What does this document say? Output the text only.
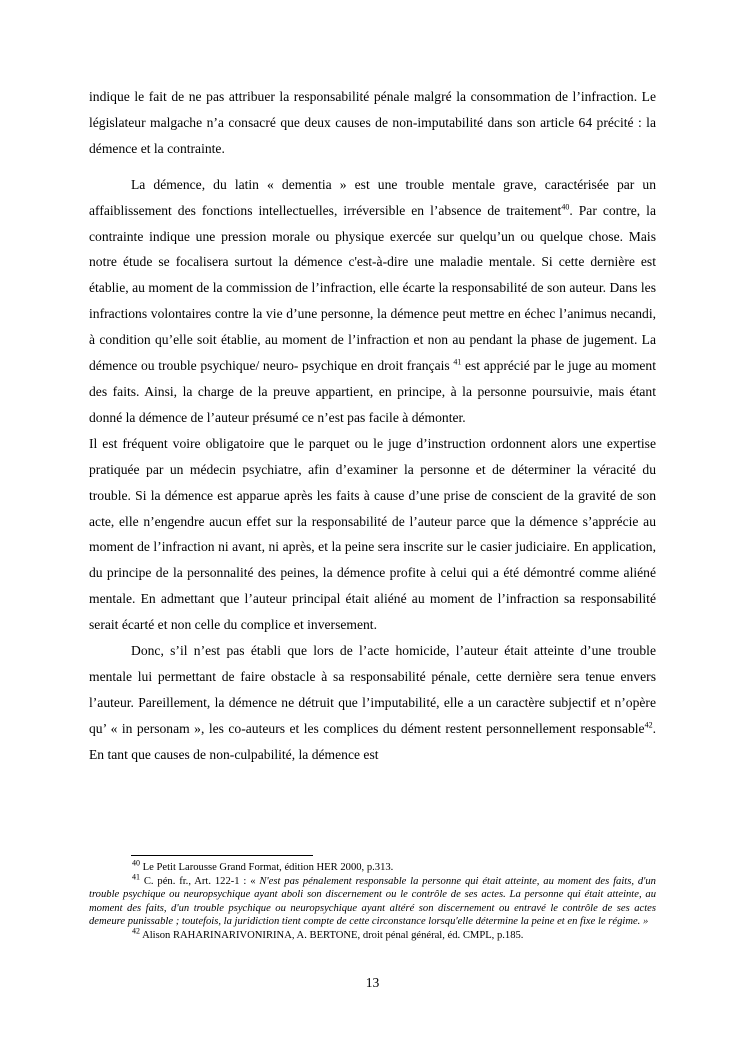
indique le fait de ne pas attribuer la responsabilité pénale malgré la consommation de l’infraction. Le législateur malgache n’a consacré que deux causes de non-imputabilité dans son article 64 précité : la démence et la contrainte.

La démence, du latin « dementia » est une trouble mentale grave, caractérisée par un affaiblissement des fonctions intellectuelles, irréversible en l’absence de traitement$^{40}$. Par contre, la contrainte indique une pression morale ou physique exercée sur quelqu’un ou quelque chose. Mais notre étude se focalisera surtout la démence c'est-à-dire une maladie mentale. Si cette dernière est établie, au moment de la commission de l’infraction, elle écarte la responsabilité de son auteur. Dans les infractions volontaires contre la vie d’une personne, la démence peut mettre en échec l’animus necandi, à condition qu’elle soit établie, au moment de l’infraction et non au pendant la phase de jugement. La démence ou trouble psychique/ neuro- psychique en droit français $^{41}$ est apprécié par le juge au moment des faits. Ainsi, la charge de la preuve appartient, en principe, à la personne poursuivie, mais étant donné la démence de l’auteur présumé ce n’est pas facile à démonter.

Il est fréquent voire obligatoire que le parquet ou le juge d’instruction ordonnent alors une expertise pratiquée par un médecin psychiatre, afin d’examiner la personne et de déterminer la véracité du trouble. Si la démence est apparue après les faits à cause d’une prise de conscient de la gravité de son acte, elle n’engendre aucun effet sur la responsabilité de l’auteur parce que la démence s’apprécie au moment de l’infraction ni avant, ni après, et la peine sera inscrite sur le casier judiciaire. En application, du principe de la personnalité des peines, la démence profite à celui qui a été démontré comme aliéné mentale. En admettant que l’auteur principal était aliéné au moment de l’infraction sa responsabilité serait écarté et non celle du complice et inversement.

Donc, s’il n’est pas établi que lors de l’acte homicide, l’auteur était atteinte d’une trouble mentale lui permettant de faire obstacle à sa responsabilité pénale, cette dernière sera tenue envers l’auteur. Pareillement, la démence ne détruit que l’imputabilité, elle a un caractère subjectif et n’opère qu’ « in personam », les co-auteurs et les complices du dément restent personnellement responsable$^{42}$. En tant que causes de non-culpabilité, la démence est

$^{40}$ Le Petit Larousse Grand Format, édition HER 2000, p.313.

$^{41}$ C. pén. fr., Art. 122-1 : « N'est pas pénalement responsable la personne qui était atteinte, au moment des faits, d'un trouble psychique ou neuropsychique ayant aboli son discernement ou le contrôle de ses actes. La personne qui était atteinte, au moment des faits, d'un trouble psychique ou neuropsychique ayant altéré son discernement ou entravé le contrôle de ses actes demeure punissable ; toutefois, la juridiction tient compte de cette circonstance lorsqu'elle détermine la peine et en fixe le régime. »

$^{42}$ Alison RAHARINARIVONIRINA, A. BERTONE, droit pénal général, éd. CMPL, p.185.

13
